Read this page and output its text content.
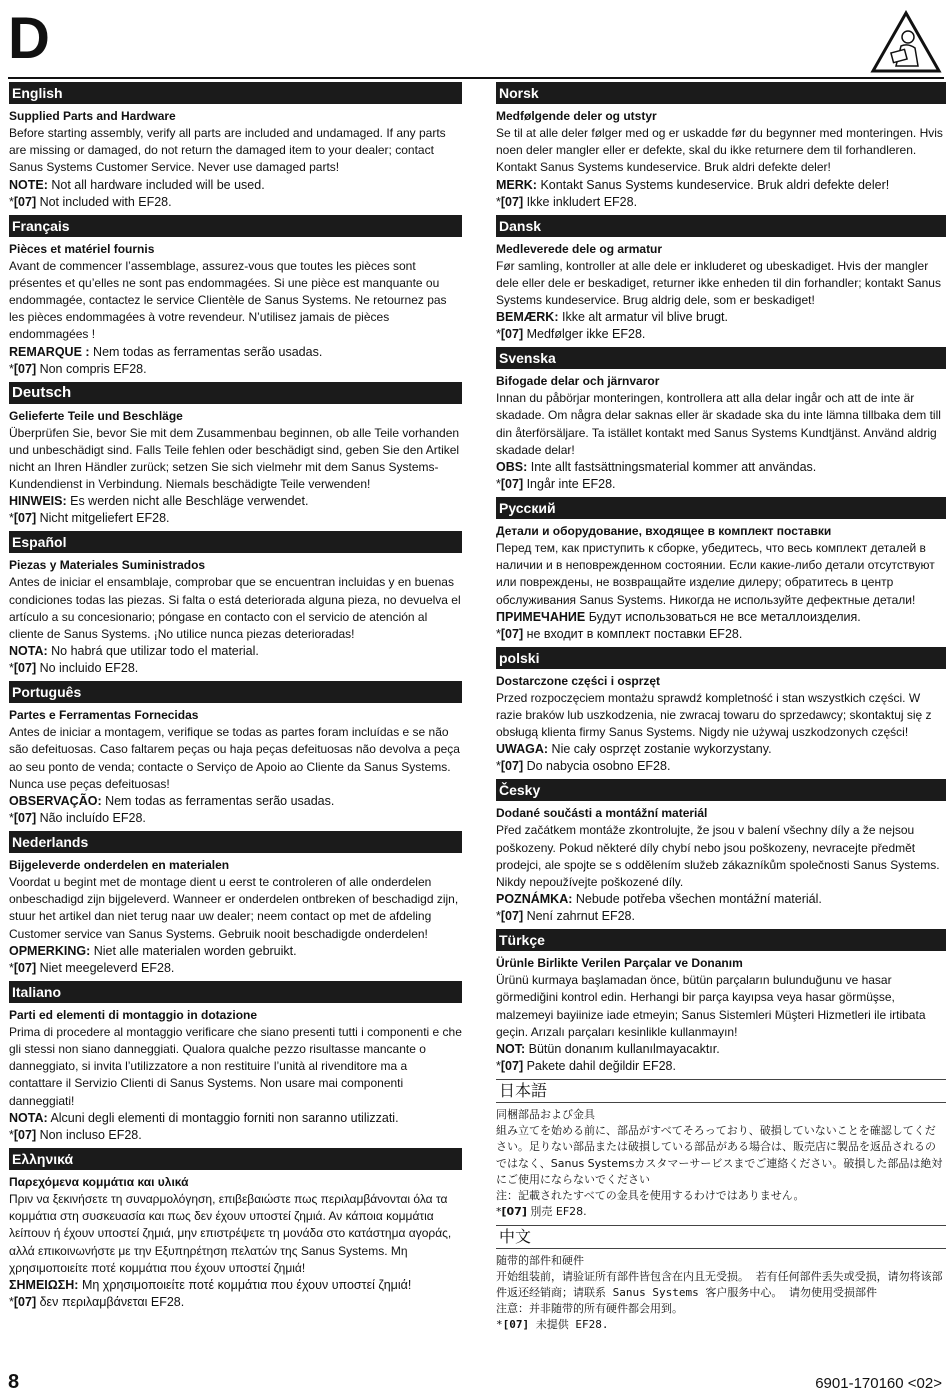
D
English
Supplied Parts and Hardware
Before starting assembly, verify all parts are included and undamaged. If any parts are missing or damaged, do not return the damaged item to your dealer; contact Sanus Systems Customer Service. Never use damaged parts!
NOTE: Not all hardware included will be used.
*[07] Not included with EF28.
Français
Pièces et matériel fournis
Avant de commencer l’assemblage, assurez-vous que toutes les pièces sont présentes et qu’elles ne sont pas endommagées. Si une pièce est manquante ou endommagée, contactez le service Clientèle de Sanus Systems. Ne retournez pas les pièces endommagées à votre revendeur. N’utilisez jamais de pièces endommagées !
REMARQUE : Nem todas as ferramentas serão usadas.
*[07] Non compris EF28.
Deutsch
Gelieferte Teile und Beschläge
Überprüfen Sie, bevor Sie mit dem Zusammenbau beginnen, ob alle Teile vorhanden und unbeschädigt sind. Falls Teile fehlen oder beschädigt sind, geben Sie den Artikel nicht an Ihren Händler zurück; setzen Sie sich vielmehr mit dem Sanus Systems-Kundendienst in Verbindung. Niemals beschädigte Teile verwenden!
HINWEIS: Es werden nicht alle Beschläge verwendet.
*[07] Nicht mitgeliefert EF28.
Español
Piezas y Materiales Suministrados
Antes de iniciar el ensamblaje, comprobar que se encuentran incluidas y en buenas condiciones todas las piezas. Si falta o está deteriorada alguna pieza, no devuelva el artículo a su concesionario; póngase en contacto con el servicio de atención al cliente de Sanus Systems. ¡No utilice nunca piezas deterioradas!
NOTA: No habrá que utilizar todo el material.
*[07] No incluido EF28.
Português
Partes e Ferramentas Fornecidas
Antes de iniciar a montagem, verifique se todas as partes foram incluídas e se não são defeituosas. Caso faltarem peças ou haja peças defeituosas não devolva a peça ao seu ponto de venda; contacte o Serviço de Apoio ao Cliente da Sanus Systems. Nunca use peças defeituosas!
OBSERVAÇÃO: Nem todas as ferramentas serão usadas.
*[07] Não incluído EF28.
Nederlands
Bijgeleverde onderdelen en materialen
Voordat u begint met de montage dient u eerst te controleren of alle onderdelen onbeschadigd zijn bijgeleverd. Wanneer er onderdelen ontbreken of beschadigd zijn, stuur het artikel dan niet terug naar uw dealer; neem contact op met de afdeling Customer service van Sanus Systems. Gebruik nooit beschadigde onderdelen!
OPMERKING: Niet alle materialen worden gebruikt.
*[07] Niet meegeleverd EF28.
Italiano
Parti ed elementi di montaggio in dotazione
Prima di procedere al montaggio verificare che siano presenti tutti i componenti e che gli stessi non siano danneggiati. Qualora qualche pezzo risultasse mancante o danneggiato, si invita l’utilizzatore a non restituire l’unità al rivenditore ma a contattare il Servizio Clienti di Sanus Systems. Non usare mai componenti danneggiati!
NOTA: Alcuni degli elementi di montaggio forniti non saranno utilizzati.
*[07] Non incluso EF28.
Ελληνικά
Παρεχόμενα κομμάτια και υλικά
Πριν να ξεκινήσετε τη συναρμολόγηση, επιβεβαιώστε πως περιλαμβάνονται όλα τα κομμάτια στη συσκευασία και πως δεν έχουν υποστεί ζημιά. Αν κάποια κομμάτια λείπουν ή έχουν υποστεί ζημιά, μην επιστρέψετε τη μονάδα στο κατάστημα αγοράς, αλλά επικοινωνήστε με την Εξυπηρέτηση πελατών της Sanus Systems. Μη χρησιμοποιείτε ποτέ κομμάτια που έχουν υποστεί ζημιά!
ΣΗΜΕΙΩΣΗ: Μη χρησιμοποιείτε ποτέ κομμάτια που έχουν υποστεί ζημιά!
*[07] δεν περιλαμβάνεται EF28.
Norsk
Medfølgende deler og utstyr
Se til at alle deler følger med og er uskadde før du begynner med monteringen. Hvis noen deler mangler eller er defekte, skal du ikke returnere dem til forhandleren. Kontakt Sanus Systems kundeservice. Bruk aldri defekte deler!
MERK: Kontakt Sanus Systems kundeservice. Bruk aldri defekte deler!
*[07] Ikke inkludert EF28.
Dansk
Medleverede dele og armatur
Før samling, kontroller at alle dele er inkluderet og ubeskadiget. Hvis der mangler dele eller dele er beskadiget, returner ikke enheden til din forhandler; kontakt Sanus Systems kundeservice. Brug aldrig dele, som er beskadiget!
BEMÆRK: Ikke alt armatur vil blive brugt.
*[07] Medfølger ikke EF28.
Svenska
Bifogade delar och järnvaror
Innan du påbörjar monteringen, kontrollera att alla delar ingår och att de inte är skadade. Om några delar saknas eller är skadade ska du inte lämna tillbaka dem till din återförsäljare. Ta istället kontakt med Sanus Systems Kundtjänst. Använd aldrig skadade delar!
OBS: Inte allt fastsättningsmaterial kommer att användas.
*[07] Ingår inte EF28.
Русский
Детали и оборудование, входящее в комплект поставки
Перед тем, как приступить к сборке, убедитесь, что весь комплект деталей в наличии и в неповрежденном состоянии. Если какие-либо детали отсутствуют или повреждены, не возвращайте изделие дилеру; обратитесь в центр обслуживания Sanus Systems. Никогда не используйте дефектные детали!
ПРИМЕЧАНИЕ Будут использоваться не все металлоизделия.
*[07] не входит в комплект поставки EF28.
polski
Dostarczone części i osprzęt
Przed rozpoczęciem montażu sprawdź kompletność i stan wszystkich części. W razie braków lub uszkodzenia, nie zwracaj towaru do sprzedawcy; skontaktuj się z obsługą klienta firmy Sanus Systems. Nigdy nie używaj uszkodzonych części!
UWAGA: Nie cały osprzęt zostanie wykorzystany.
*[07] Do nabycia osobno EF28.
Česky
Dodané součásti a montážní materiál
Před začátkem montáže zkontrolujte, že jsou v balení všechny díly a že nejsou poškozeny. Pokud některé díly chybí nebo jsou poškozeny, nevracejte předmět prodejci, ale spojte se s oddělením služeb zákazníkům společnosti Sanus Systems. Nikdy nepoužívejte poškozené díly.
POZNÁMKA: Nebude potřeba všechen montážní materiál.
*[07] Není zahrnut EF28.
Türkçe
Ürünle Birlikte Verilen Parçalar ve Donanım
Ürünü kurmaya başlamadan önce, bütün parçaların bulunduğunu ve hasar görmediğini kontrol edin. Herhangi bir parça kayıpsa veya hasar görmüşse, malzemeyi bayiinize iade etmeyin; Sanus Sistemleri Müşteri Hizmetleri ile irtibata geçin. Arızalı parçaları kesinlikle kullanmayın!
NOT: Bütün donanım kullanılmayacaktır.
*[07] Pakete dahil değildir EF28.
日本語
同梱部品および金具
組み立てを始める前に、部品がすべてそろっており、破損していないことを確認してください。足りない部品または破損している部品がある場合は、販売店に製品を返品されるのではなく、Sanus Systemsカスタマーサービスまでご連絡ください。破損した部品は絶対にご使用にならないでください
注：記載されたすべての金具を使用するわけではありません。
*[07] 別売 EF28.
中文
随带的部件和硬件
开始组装前，请验证所有部件皆包含在内且无受损。 若有任何部件丢失或受损，请勿将该部件返还经销商；请联系 Sanus Systems 客户服务中心。 请勿使用受损部件
注意：并非随带的所有硬件都会用到。
*[07] 未提供 EF28.
8	6901-170160 <02>
